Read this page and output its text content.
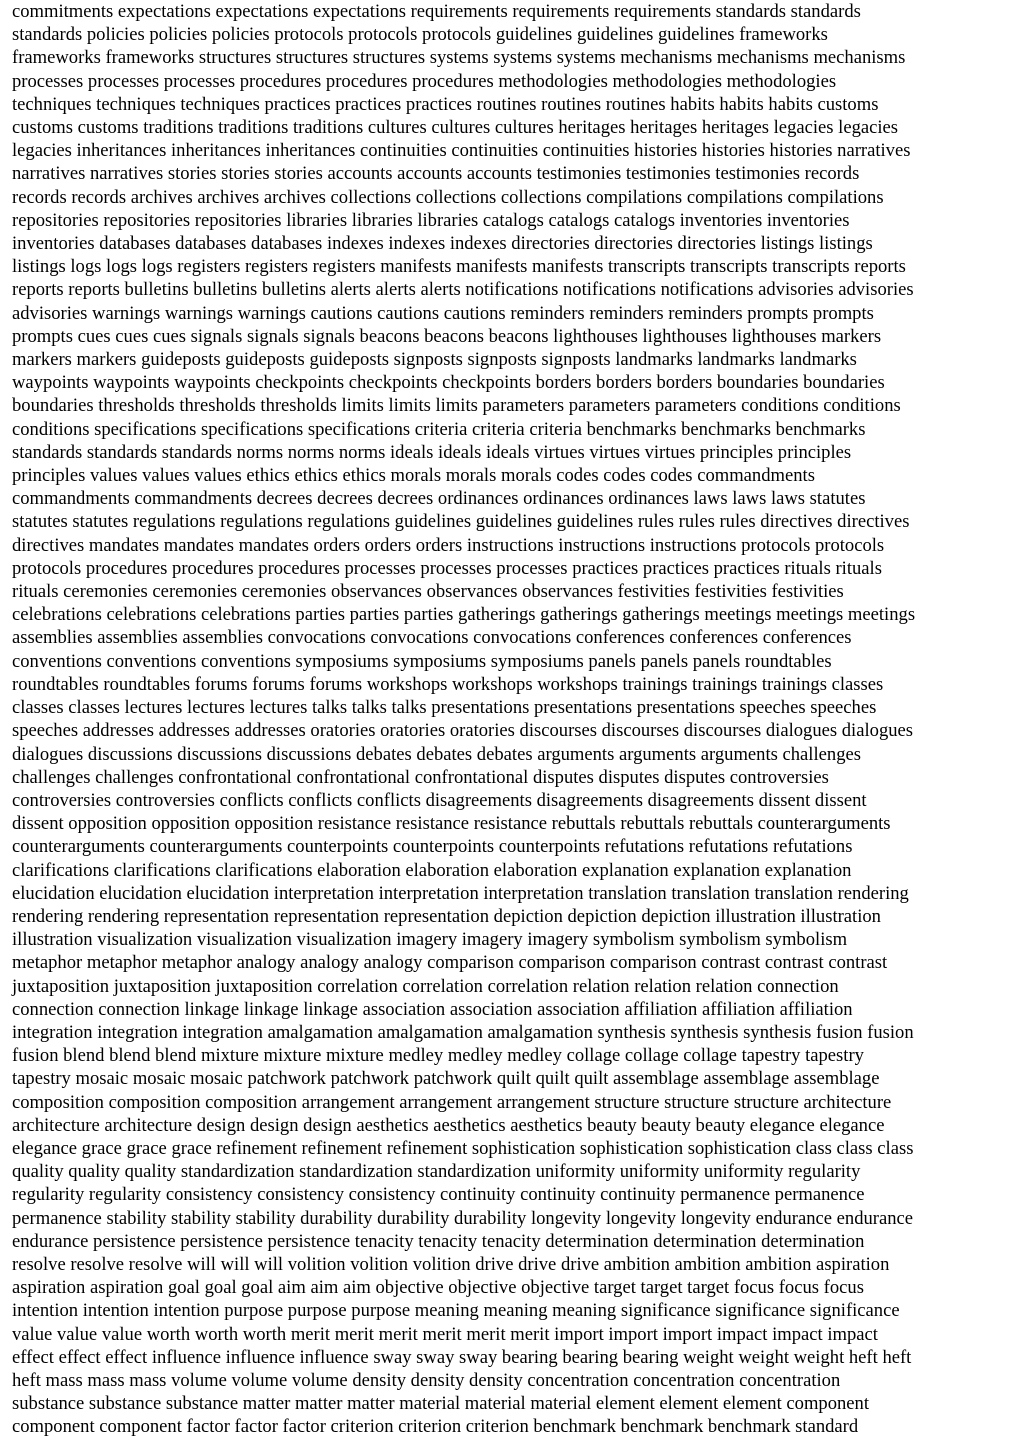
commitments expectations expectations expectations requirements requirements requirements standards standards
standards policies policies policies protocols protocols protocols guidelines guidelines guidelines frameworks
frameworks frameworks structures structures structures systems systems systems mechanisms mechanisms mechanisms
processes processes processes procedures procedures procedures methodologies methodologies methodologies
techniques techniques techniques practices practices practices routines routines routines habits habits habits customs
customs customs traditions traditions traditions cultures cultures cultures heritages heritages heritages legacies legacies
legacies inheritances inheritances inheritances continuities continuities continuities histories histories histories narratives
narratives narratives stories stories stories accounts accounts accounts testimonies testimonies testimonies records
records records archives archives archives collections collections collections compilations compilations compilations
repositories repositories repositories libraries libraries libraries catalogs catalogs catalogs inventories inventories
inventories databases databases databases indexes indexes indexes directories directories directories listings listings
listings logs logs logs registers registers registers manifests manifests manifests transcripts transcripts transcripts reports
reports reports bulletins bulletins bulletins alerts alerts alerts notifications notifications notifications advisories advisories
advisories warnings warnings warnings cautions cautions cautions reminders reminders reminders prompts prompts
prompts cues cues cues signals signals signals beacons beacons beacons lighthouses lighthouses lighthouses markers
markers markers guideposts guideposts guideposts signposts signposts signposts landmarks landmarks landmarks
waypoints waypoints waypoints checkpoints checkpoints checkpoints borders borders borders boundaries boundaries
boundaries thresholds thresholds thresholds limits limits limits parameters parameters parameters conditions conditions
conditions specifications specifications specifications criteria criteria criteria benchmarks benchmarks benchmarks
standards standards standards norms norms norms ideals ideals ideals virtues virtues virtues principles principles
principles values values values ethics ethics ethics morals morals morals codes codes codes commandments
commandments commandments decrees decrees decrees ordinances ordinances ordinances laws laws laws statutes
statutes statutes regulations regulations regulations guidelines guidelines guidelines rules rules rules directives directives
directives mandates mandates mandates orders orders orders instructions instructions instructions protocols protocols
protocols procedures procedures procedures processes processes processes practices practices practices rituals rituals
rituals ceremonies ceremonies ceremonies observances observances observances festivities festivities festivities
celebrations celebrations celebrations parties parties parties gatherings gatherings gatherings meetings meetings meetings
assemblies assemblies assemblies convocations convocations convocations conferences conferences conferences
conventions conventions conventions symposiums symposiums symposiums panels panels panels roundtables
roundtables roundtables forums forums forums workshops workshops workshops trainings trainings trainings classes
classes classes lectures lectures lectures talks talks talks presentations presentations presentations speeches speeches
speeches addresses addresses addresses oratories oratories oratories discourses discourses discourses dialogues dialogues
dialogues discussions discussions discussions debates debates debates arguments arguments arguments challenges
challenges challenges confrontational confrontational confrontational disputes disputes disputes controversies
controversies controversies conflicts conflicts conflicts disagreements disagreements disagreements dissent dissent
dissent opposition opposition opposition resistance resistance resistance rebuttals rebuttals rebuttals counterarguments
counterarguments counterarguments counterpoints counterpoints counterpoints refutations refutations refutations
clarifications clarifications clarifications elaboration elaboration elaboration explanation explanation explanation
elucidation elucidation elucidation interpretation interpretation interpretation translation translation translation rendering
rendering rendering representation representation representation depiction depiction depiction illustration illustration
illustration visualization visualization visualization imagery imagery imagery symbolism symbolism symbolism
metaphor metaphor metaphor analogy analogy analogy comparison comparison comparison contrast contrast contrast
juxtaposition juxtaposition juxtaposition correlation correlation correlation relation relation relation connection
connection connection linkage linkage linkage association association association affiliation affiliation affiliation
integration integration integration amalgamation amalgamation amalgamation synthesis synthesis synthesis fusion fusion
fusion blend blend blend mixture mixture mixture medley medley medley collage collage collage tapestry tapestry
tapestry mosaic mosaic mosaic patchwork patchwork patchwork quilt quilt quilt assemblage assemblage assemblage
composition composition composition arrangement arrangement arrangement structure structure structure architecture
architecture architecture design design design aesthetics aesthetics aesthetics beauty beauty beauty elegance elegance
elegance grace grace grace refinement refinement refinement sophistication sophistication sophistication class class class
quality quality quality standardization standardization standardization uniformity uniformity uniformity regularity
regularity regularity consistency consistency consistency continuity continuity continuity permanence permanence
permanence stability stability stability durability durability durability longevity longevity longevity endurance endurance
endurance persistence persistence persistence tenacity tenacity tenacity determination determination determination
resolve resolve resolve will will will volition volition volition drive drive drive ambition ambition ambition aspiration
aspiration aspiration goal goal goal aim aim aim objective objective objective target target target focus focus focus
intention intention intention purpose purpose purpose meaning meaning meaning significance significance significance
value value value worth worth worth merit merit merit merit merit merit import import import impact impact impact
effect effect effect influence influence influence sway sway sway bearing bearing bearing weight weight weight heft heft
heft mass mass mass volume volume volume density density density concentration concentration concentration
substance substance substance matter matter matter material material material element element element component
component component factor factor factor criterion criterion criterion benchmark benchmark benchmark standard
